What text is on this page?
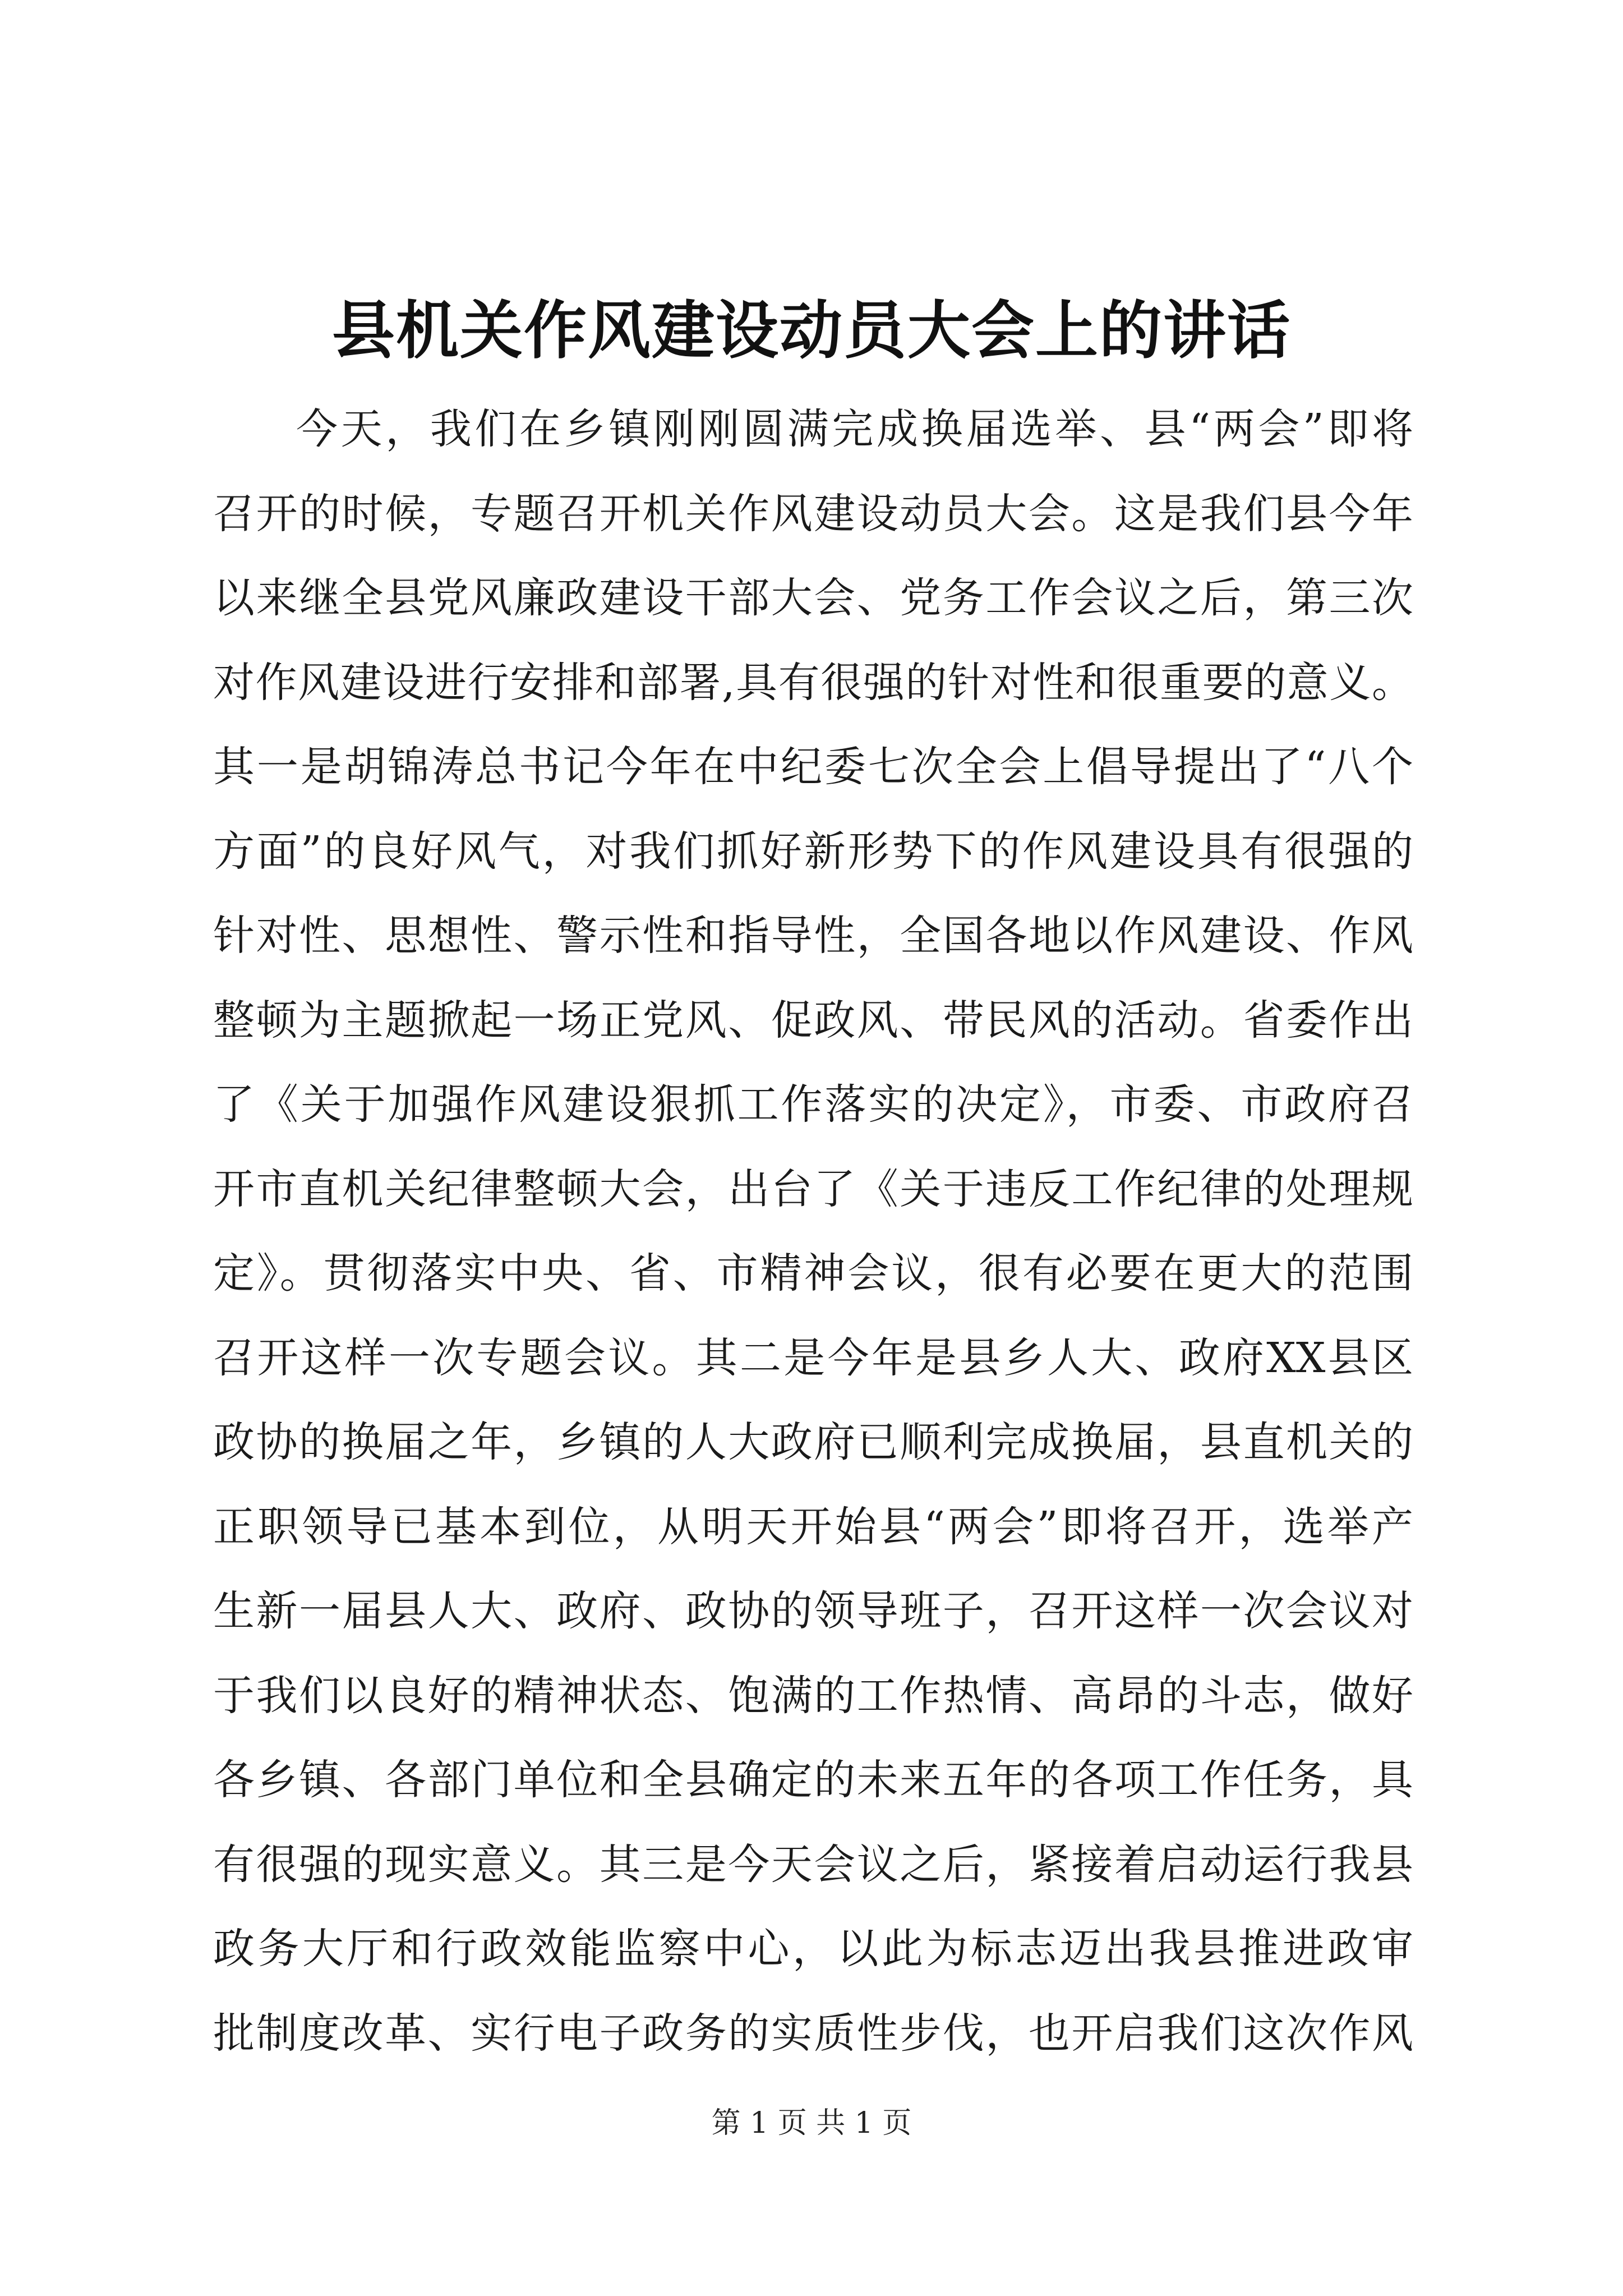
县机关作风建设动员大会上的讲话
今天，我们在乡镇刚刚圆满完成换届选举、县“两会”即将
召开的时候，专题召开机关作风建设动员大会。这是我们县今年
以来继全县党风廉政建设干部大会、党务工作会议之后，第三次
对作风建设进行安排和部署,具有很强的针对性和很重要的意义。
其一是胡锦涛总书记今年在中纪委七次全会上倡导提出了“八个
方面”的良好风气，对我们抓好新形势下的作风建设具有很强的
针对性、思想性、警示性和指导性，全国各地以作风建设、作风
整顿为主题掀起一场正党风、促政风、带民风的活动。省委作出
了《关于加强作风建设狠抓工作落实的决定》，市委、市政府召
开市直机关纪律整顿大会，出台了《关于违反工作纪律的处理规
定》。贯彻落实中央、省、市精神会议，很有必要在更大的范围
召开这样一次专题会议。其二是今年是县乡人大、政府XX县区
政协的换届之年，乡镇的人大政府已顺利完成换届，县直机关的
正职领导已基本到位，从明天开始县“两会”即将召开，选举产
生新一届县人大、政府、政协的领导班子，召开这样一次会议对
于我们以良好的精神状态、饱满的工作热情、高昂的斗志，做好
各乡镇、各部门单位和全县确定的未来五年的各项工作任务，具
有很强的现实意义。其三是今天会议之后，紧接着启动运行我县
政务大厅和行政效能监察中心，以此为标志迈出我县推进政审
批制度改革、实行电子政务的实质性步伐，也开启我们这次作风
第 1 页 共 1 页
